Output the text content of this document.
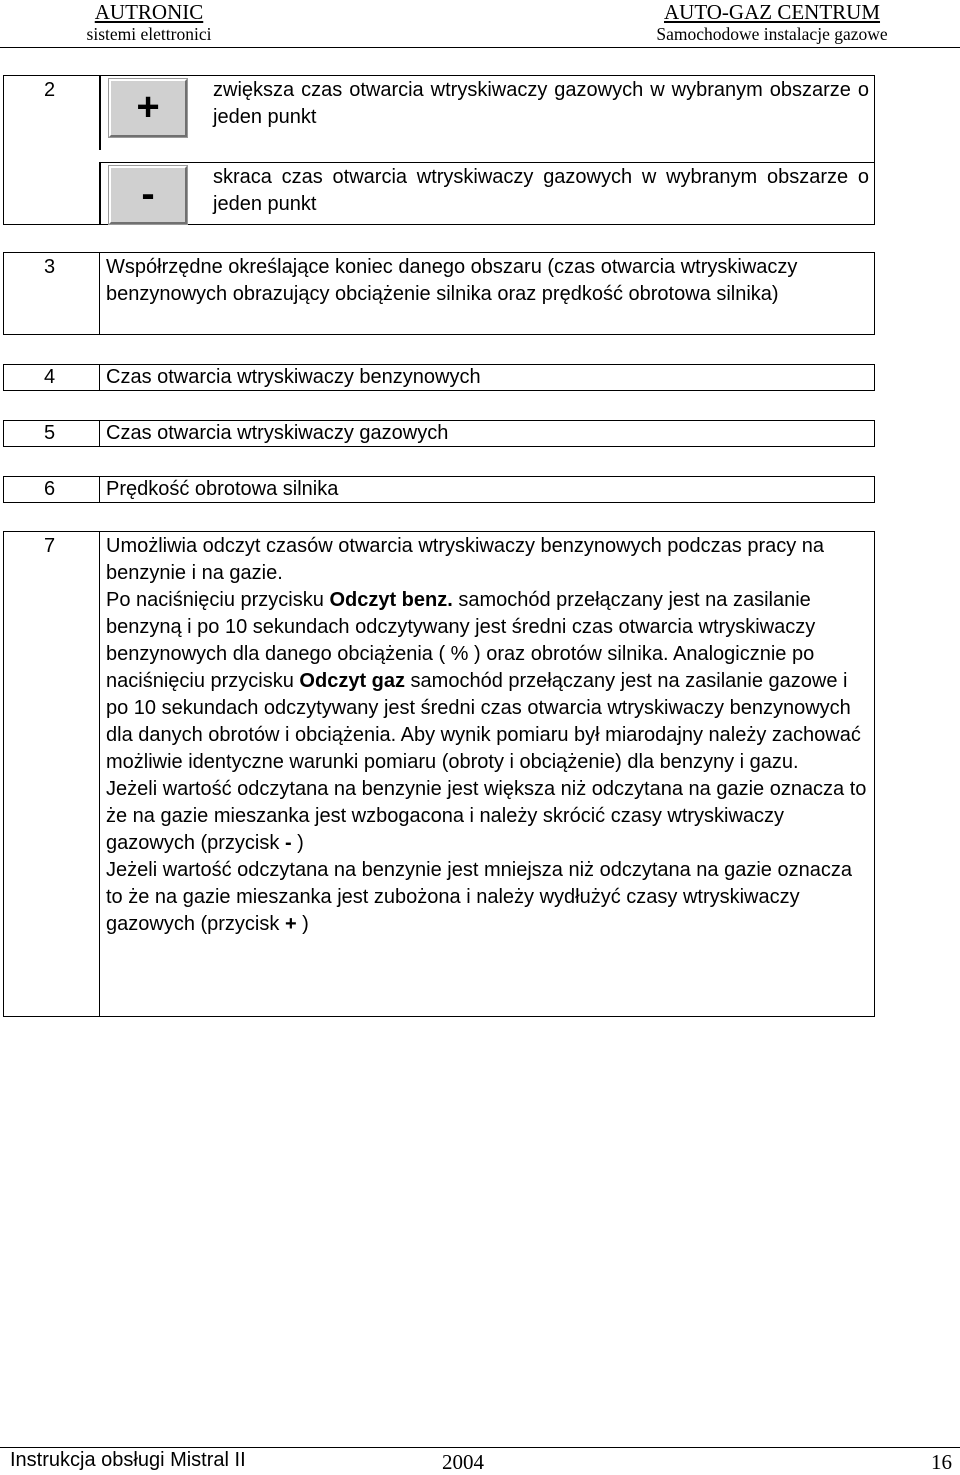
AUTRONIC
sistemi elettronici
AUTO-GAZ CENTRUM
Samochodowe instalacje gazowe
2	+	zwiększa czas otwarcia wtryskiwaczy gazowych w wybranym obszarze o jeden punkt
-	skraca czas otwarcia wtryskiwaczy gazowych w wybranym obszarze o jeden punkt
3	Współrzędne określające koniec danego obszaru (czas otwarcia wtryskiwaczy benzynowych obrazujący obciążenie silnika oraz prędkość obrotowa silnika)
4	Czas otwarcia wtryskiwaczy benzynowych
5	Czas otwarcia wtryskiwaczy gazowych
6	Prędkość obrotowa silnika
7	Umożliwia odczyt czasów otwarcia wtryskiwaczy benzynowych podczas pracy na benzynie i na gazie.

Po naciśnięciu przycisku Odczyt benz. samochód przełączany jest na zasilanie benzyną i po 10 sekundach odczytywany jest średni czas otwarcia wtryskiwaczy benzynowych dla danego obciążenia ( % ) oraz obrotów silnika. Analogicznie po naciśnięciu przycisku Odczyt gaz samochód przełączany jest na zasilanie gazowe i po 10 sekundach odczytywany jest średni czas otwarcia wtryskiwaczy benzynowych dla danych obrotów i obciążenia. Aby wynik pomiaru był miarodajny należy zachować możliwie identyczne warunki pomiaru (obroty i obciążenie) dla benzyny i gazu.

Jeżeli wartość odczytana na benzynie jest większa niż odczytana na gazie oznacza to że na gazie mieszanka jest wzbogacona i należy skrócić czasy wtryskiwaczy gazowych (przycisk - )

Jeżeli wartość odczytana na benzynie jest mniejsza niż odczytana na gazie oznacza to że na gazie mieszanka jest zubożona i należy wydłużyć czasy wtryskiwaczy gazowych (przycisk + )

Instrukcja obsługi Mistral II	2004	16
